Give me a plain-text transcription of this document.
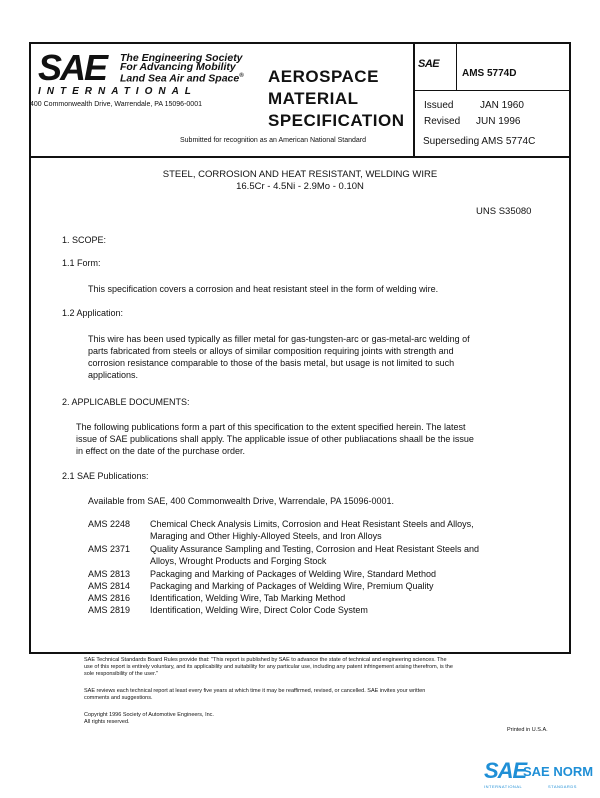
SAE The Engineering Society
For Advancing Mobility
Land Sea Air and Space®
INTERNATIONAL
400 Commonwealth Drive, Warrendale, PA 15096-0001
AEROSPACE
MATERIAL
SPECIFICATION
Submitted for recognition as an American National Standard
SAE
AMS 5774D
Issued	JAN 1960
Revised JUN 1996
Superseding AMS 5774C
STEEL, CORROSION AND HEAT RESISTANT, WELDING WIRE
16.5Cr - 4.5Ni - 2.9Mo - 0.10N
UNS S35080
1. SCOPE:
1.1 Form:
This specification covers a corrosion and heat resistant steel in the form of welding wire.
1.2 Application:
This wire has been used typically as filler metal for gas-tungsten-arc or gas-metal-arc welding of
parts fabricated from steels or alloys of similar composition requiring joints with strength and
corrosion resistance comparable to those of the basis metal, but usage is not limited to such
applications.
2. APPLICABLE DOCUMENTS:
The following publications form a part of this specification to the extent specified herein. The latest
issue of SAE publications shall apply. The applicable issue of other publiacations shaall be the issue
in effect on the date of the purchase order.
2.1 SAE Publications:
Available from SAE, 400 Commonwealth Drive, Warrendale, PA 15096-0001.
AMS 2248 Chemical Check Analysis Limits, Corrosion and Heat Resistant Steels and Alloys,
Maraging and Other Highly-Alloyed Steels, and Iron Alloys
AMS 2371 Quality Assurance Sampling and Testing, Corrosion and Heat Resistant Steels and
Alloys, Wrought Products and Forging Stock
AMS 2813 Packaging and Marking of Packages of Welding Wire, Standard Method
AMS 2814 Packaging and Marking of Packages of Welding Wire, Premium Quality
AMS 2816 Identification, Welding Wire, Tab Marking Method
AMS 2819 Identification, Welding Wire, Direct Color Code System
SAE Technical Standards Board Rules provide that: "This report is published by SAE to advance the state of technical and engineering sciences. The
use of this report is entirely voluntary, and its applicability and suitability for any particular use, including any patent infringement arising therefrom, is the
sole responsibility of the user."
SAE reviews each technical report at least every five years at which time it may be reaffirmed, revised, or cancelled. SAE invites your written
comments and suggestions.
Copyright 1996 Society of Automotive Engineers, Inc.
All rights reserved.
Printed in U.S.A.
SAE
SAE NORM
INTERNATIONAL	STANDARDS
